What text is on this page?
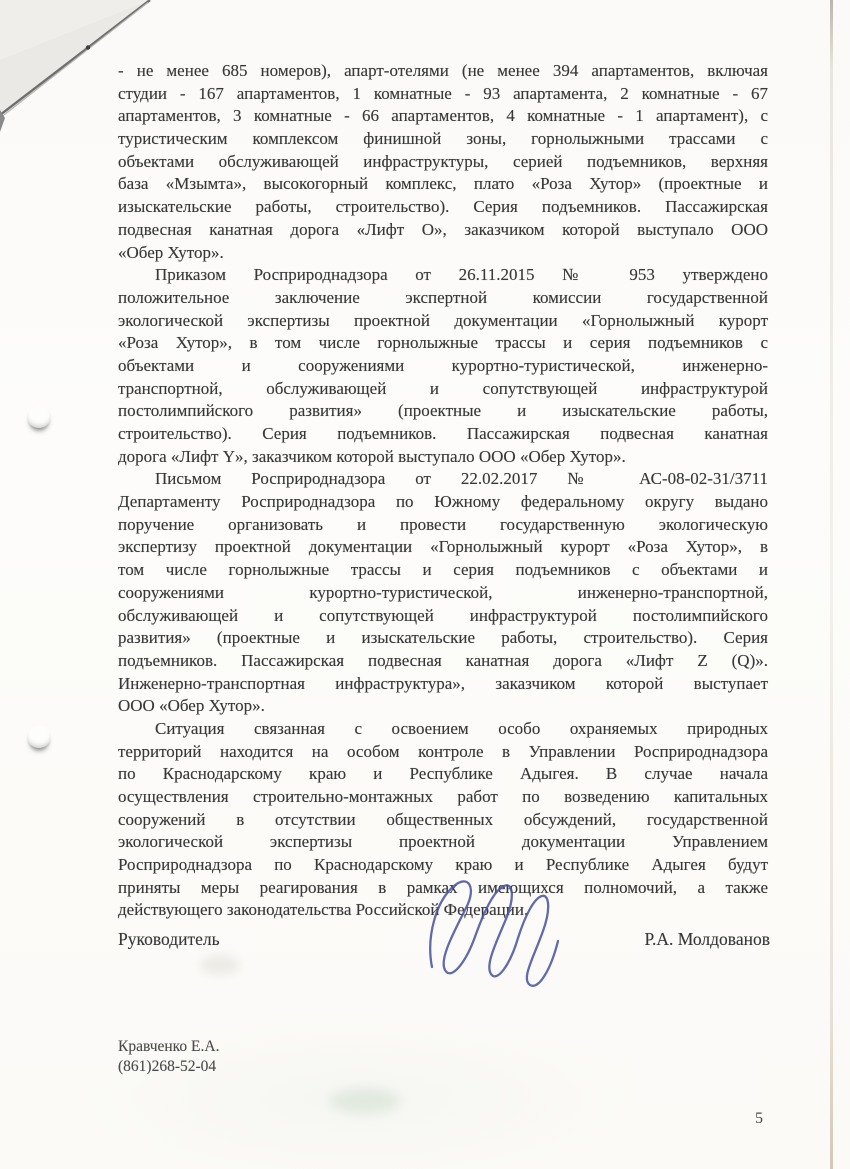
- не менее 685 номеров), апарт-отелями (не менее 394 апартаментов, включая
студии - 167 апартаментов, 1 комнатные - 93 апартамента, 2 комнатные - 67
апартаментов, 3 комнатные - 66 апартаментов, 4 комнатные - 1 апартамент), с
туристическим комплексом финишной зоны, горнолыжными трассами с
объектами обслуживающей инфраструктуры, серией подъемников, верхняя
база «Мзымта», высокогорный комплекс, плато «Роза Хутор» (проектные и
изыскательские работы, строительство). Серия подъемников. Пассажирская
подвесная канатная дорога «Лифт О», заказчиком которой выступало ООО
«Обер Хутор».
Приказом Росприроднадзора от 26.11.2015 № 953 утверждено
положительное заключение экспертной комиссии государственной
экологической экспертизы проектной документации «Горнолыжный курорт
«Роза Хутор», в том числе горнолыжные трассы и серия подъемников с
объектами и сооружениями курортно-туристической, инженерно-
транспортной, обслуживающей и сопутствующей инфраструктурой
постолимпийского развития» (проектные и изыскательские работы,
строительство). Серия подъемников. Пассажирская подвесная канатная
дорога «Лифт Y», заказчиком которой выступало ООО «Обер Хутор».
Письмом Росприроднадзора от 22.02.2017 № АС-08-02-31/3711
Департаменту Росприроднадзора по Южному федеральному округу выдано
поручение организовать и провести государственную экологическую
экспертизу проектной документации «Горнолыжный курорт «Роза Хутор», в
том числе горнолыжные трассы и серия подъемников с объектами и
сооружениями курортно-туристической, инженерно-транспортной,
обслуживающей и сопутствующей инфраструктурой постолимпийского
развития» (проектные и изыскательские работы, строительство). Серия
подъемников. Пассажирская подвесная канатная дорога «Лифт Z (Q)».
Инженерно-транспортная инфраструктура», заказчиком которой выступает
ООО «Обер Хутор».
Ситуация связанная с освоением особо охраняемых природных
территорий находится на особом контроле в Управлении Росприроднадзора
по Краснодарскому краю и Республике Адыгея. В случае начала
осуществления строительно-монтажных работ по возведению капитальных
сооружений в отсутствии общественных обсуждений, государственной
экологической экспертизы проектной документации Управлением
Росприроднадзора по Краснодарскому краю и Республике Адыгея будут
приняты меры реагирования в рамках имеющихся полномочий, а также
действующего законодательства Российской Федерации.
Руководитель	Р.А. Молдованов
Кравченко Е.А.
(861)268-52-04
5
